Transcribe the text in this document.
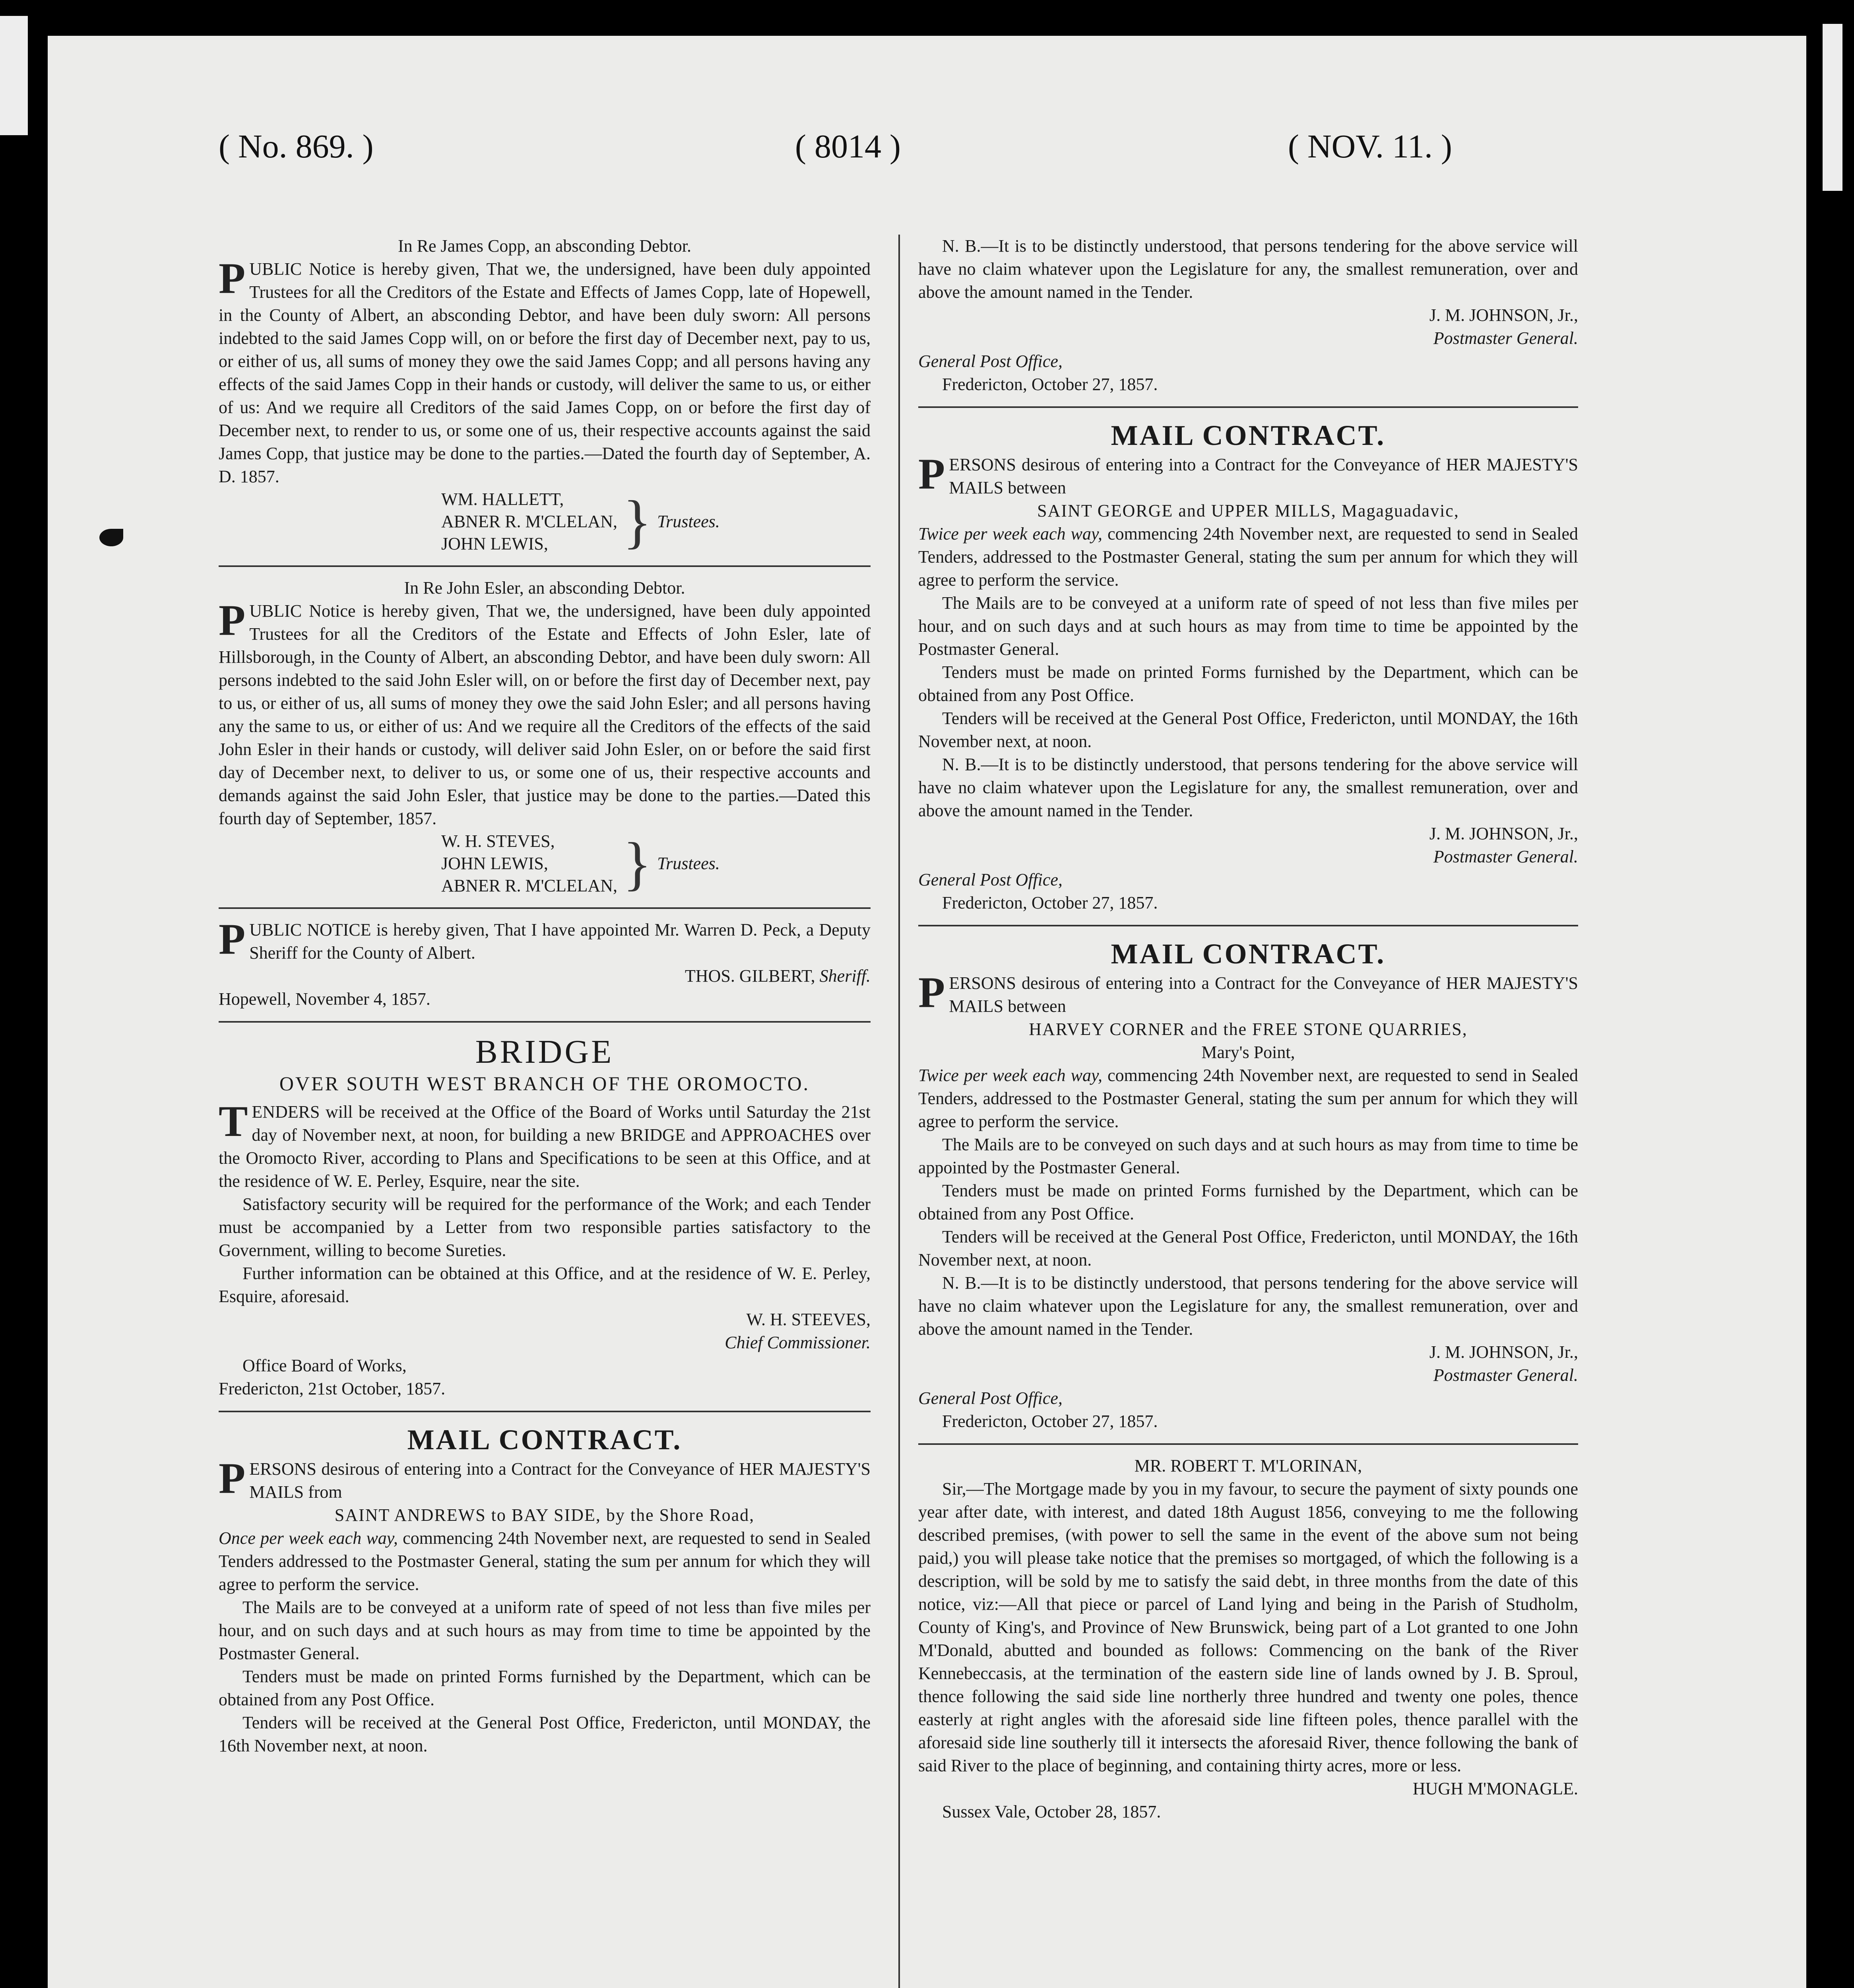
( No. 869. )	( 8014 )	( NOV. 11. )

In Re James Copp, an absconding Debtor.

PUBLIC Notice is hereby given, That we, the undersigned, have been duly appointed Trustees for all the Creditors of the Estate and Effects of James Copp, late of Hopewell, in the County of Albert, an absconding Debtor, and have been duly sworn: All persons indebted to the said James Copp will, on or before the first day of December next, pay to us, or either of us, all sums of money they owe the said James Copp; and all persons having any effects of the said James Copp in their hands or custody, will deliver the same to us, or either of us: And we require all Creditors of the said James Copp, on or before the first day of December next, to render to us, or some one of us, their respective accounts against the said James Copp, that justice may be done to the parties.—Dated the fourth day of September, A. D. 1857.

WM. HALLETT,
ABNER R. M'CLELAN,
JOHN LEWIS,	} Trustees.

In Re John Esler, an absconding Debtor.

PUBLIC Notice is hereby given, That we, the undersigned, have been duly appointed Trustees for all the Creditors of the Estate and Effects of John Esler, late of Hillsborough, in the County of Albert, an absconding Debtor, and have been duly sworn: All persons indebted to the said John Esler will, on or before the first day of December next, pay to us, or either of us, all sums of money they owe the said John Esler; and all persons having any the same to us, or either of us: And we require all the Creditors of the effects of the said John Esler in their hands or custody, will deliver said John Esler, on or before the said first day of December next, to deliver to us, or some one of us, their respective accounts and demands against the said John Esler, that justice may be done to the parties.—Dated this fourth day of September, 1857.

W. H. STEVES,
JOHN LEWIS,
ABNER R. M'CLELAN, } Trustees.

PUBLIC NOTICE is hereby given, That I have appointed Mr. Warren D. Peck, a Deputy Sheriff for the County of Albert.

THOS. GILBERT, Sheriff.

Hopewell, November 4, 1857.

BRIDGE
OVER SOUTH WEST BRANCH OF THE OROMOCTO.

TENDERS will be received at the Office of the Board of Works until Saturday the 21st day of November next, at noon, for building a new BRIDGE and APPROACHES over the Oromocto River, according to Plans and Specifications to be seen at this Office, and at the residence of W. E. Perley, Esquire, near the site.

Satisfactory security will be required for the performance of the Work; and each Tender must be accompanied by a Letter from two responsible parties satisfactory to the Government, willing to become Sureties.

Further information can be obtained at this Office, and at the residence of W. E. Perley, Esquire, aforesaid.

W. H. STEEVES,

Chief Commissioner.

Office Board of Works,

Fredericton, 21st October, 1857.

MAIL CONTRACT.

PERSONS desirous of entering into a Contract for the Conveyance of HER MAJESTY'S MAILS from

SAINT ANDREWS to BAY SIDE, by the Shore Road,

Once per week each way, commencing 24th November next, are requested to send in Sealed Tenders addressed to the Postmaster General, stating the sum per annum for which they will agree to perform the service.

The Mails are to be conveyed at a uniform rate of speed of not less than five miles per hour, and on such days and at such hours as may from time to time be appointed by the Postmaster General.

Tenders must be made on printed Forms furnished by the Department, which can be obtained from any Post Office.

Tenders will be received at the General Post Office, Fredericton, until MONDAY, the 16th November next, at noon.

N. B.—It is to be distinctly understood, that persons tendering for the above service will have no claim whatever upon the Legislature for any, the smallest remuneration, over and above the amount named in the Tender.

J. M. JOHNSON, Jr.,

Postmaster General.

General Post Office,

Fredericton, October 27, 1857.

MAIL CONTRACT.

PERSONS desirous of entering into a Contract for the Conveyance of HER MAJESTY'S MAILS between

SAINT GEORGE and UPPER MILLS, Magaguadavic,

Twice per week each way, commencing 24th November next, are requested to send in Sealed Tenders, addressed to the Postmaster General, stating the sum per annum for which they will agree to perform the service.

The Mails are to be conveyed at a uniform rate of speed of not less than five miles per hour, and on such days and at such hours as may from time to time be appointed by the Postmaster General.

Tenders must be made on printed Forms furnished by the Department, which can be obtained from any Post Office.

Tenders will be received at the General Post Office, Fredericton, until MONDAY, the 16th November next, at noon.

N. B.—It is to be distinctly understood, that persons tendering for the above service will have no claim whatever upon the Legislature for any, the smallest remuneration, over and above the amount named in the Tender.

J. M. JOHNSON, Jr.,

Postmaster General.

General Post Office,

Fredericton, October 27, 1857.

MAIL CONTRACT.

PERSONS desirous of entering into a Contract for the Conveyance of HER MAJESTY'S MAILS between

HARVEY CORNER and the FREE STONE QUARRIES,

Mary's Point,

Twice per week each way, commencing 24th November next, are requested to send in Sealed Tenders, addressed to the Postmaster General, stating the sum per annum for which they will agree to perform the service.

The Mails are to be conveyed on such days and at such hours as may from time to time be appointed by the Postmaster General.

Tenders must be made on printed Forms furnished by the Department, which can be obtained from any Post Office.

Tenders will be received at the General Post Office, Fredericton, until MONDAY, the 16th November next, at noon.

N. B.—It is to be distinctly understood, that persons tendering for the above service will have no claim whatever upon the Legislature for any, the smallest remuneration, over and above the amount named in the Tender.

J. M. JOHNSON, Jr.,

Postmaster General.

General Post Office,

Fredericton, October 27, 1857.

MR. ROBERT T. M'LORINAN,

Sir,—The Mortgage made by you in my favour, to secure the payment of sixty pounds one year after date, with interest, and dated 18th August 1856, conveying to me the following described premises, (with power to sell the same in the event of the above sum not being paid,) you will please take notice that the premises so mortgaged, of which the following is a description, will be sold by me to satisfy the said debt, in three months from the date of this notice, viz:—All that piece or parcel of Land lying and being in the Parish of Studholm, County of King's, and Province of New Brunswick, being part of a Lot granted to one John M'Donald, abutted and bounded as follows: Commencing on the bank of the River Kennebeccasis, at the termination of the eastern side line of lands owned by J. B. Sproul, thence following the said side line northerly three hundred and twenty one poles, thence easterly at right angles with the aforesaid side line fifteen poles, thence parallel with the aforesaid side line southerly till it intersects the aforesaid River, thence following the bank of said River to the place of beginning, and containing thirty acres, more or less.

HUGH M'MONAGLE.

Sussex Vale, October 28, 1857.
